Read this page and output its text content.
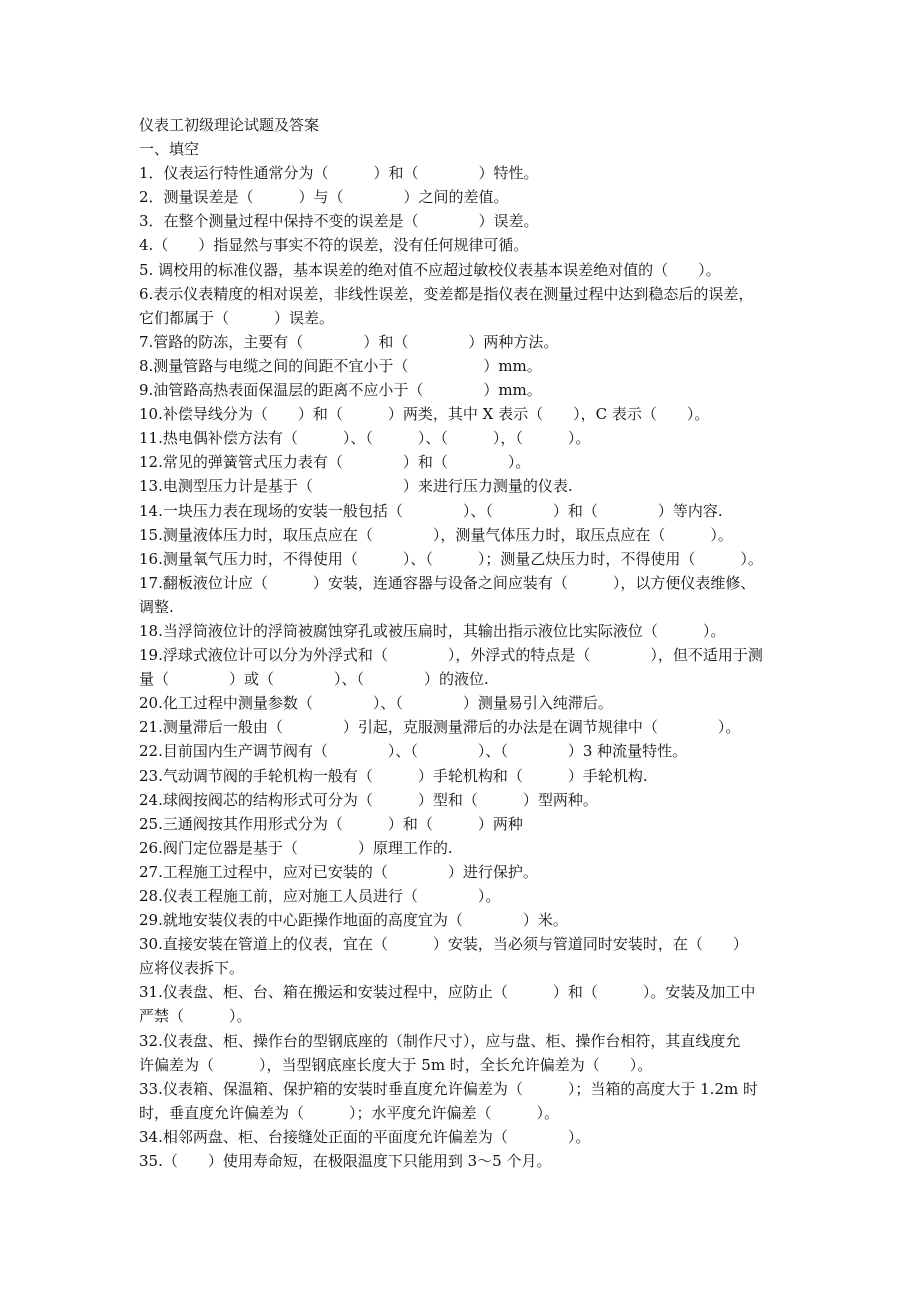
仪表工初级理论试题及答案
一、填空
1．仪表运行特性通常分为（　　　）和（　　　　）特性。
2．测量误差是（　　　）与（　　　　）之间的差值。
3．在整个测量过程中保持不变的误差是（　　　　）误差。
4.（　　）指显然与事实不符的误差，没有任何规律可循。
5. 调校用的标准仪器，基本误差的绝对值不应超过敏校仪表基本误差绝对值的（　　）。
6.表示仪表精度的相对误差，非线性误差，变差都是指仪表在测量过程中达到稳态后的误差，
它们都属于（　　　）误差。
7.管路的防冻，主要有（　　　　）和（　　　　）两种方法。
8.测量管路与电缆之间的间距不宜小于（　　　　　）mm。
9.油管路高热表面保温层的距离不应小于（　　　　）mm。
10.补偿导线分为（　　）和（　　　）两类，其中 X 表示（　　），C 表示（　　）。
11.热电偶补偿方法有（　　　）、（　　　）、（　　　），（　　　）。
12.常见的弹簧管式压力表有（　　　　）和（　　　　）。
13.电测型压力计是基于（　　　　　　）来进行压力测量的仪表.
14.一块压力表在现场的安装一般包括（　　　　）、（　　　　）和（　　　　）等内容.
15.测量液体压力时，取压点应在（　　　　），测量气体压力时，取压点应在（　　　）。
16.测量氧气压力时，不得使用（　　　）、（　　　）；测量乙炔压力时，不得使用（　　　）。
17.翻板液位计应（　　　）安装，连通容器与设备之间应装有（　　　），以方便仪表维修、
调整.
18.当浮筒液位计的浮筒被腐蚀穿孔或被压扁时，其输出指示液位比实际液位（　　　）。
19.浮球式液位计可以分为外浮式和（　　　　），外浮式的特点是（　　　　），但不适用于测
量（　　　　）或（　　　　）、（　　　　）的液位.
20.化工过程中测量参数（　　　　）、（　　　　）测量易引入纯滞后。
21.测量滞后一般由（　　　　）引起，克服测量滞后的办法是在调节规律中（　　　　）。
22.目前国内生产调节阀有（　　　　）、（　　　　）、（　　　　）3 种流量特性。
23.气动调节阀的手轮机构一般有（　　　）手轮机构和（　　　）手轮机构.
24.球阀按阀芯的结构形式可分为（　　　）型和（　　　）型两种。
25.三通阀按其作用形式分为（　　　）和（　　　）两种
26.阀门定位器是基于（　　　　）原理工作的.
27.工程施工过程中，应对已安装的（　　　　）进行保护。
28.仪表工程施工前，应对施工人员进行（　　　　）。
29.就地安装仪表的中心距操作地面的高度宜为（　　　　）米。
30.直接安装在管道上的仪表，宜在（　　　）安装，当必须与管道同时安装时，在（　　）
应将仪表拆下。
31.仪表盘、柜、台、箱在搬运和安装过程中，应防止（　　　）和（　　　）。安装及加工中
严禁（　　　）。
32.仪表盘、柜、操作台的型钢底座的（制作尺寸），应与盘、柜、操作台相符，其直线度允
许偏差为（　　　），当型钢底座长度大于 5m 时，全长允许偏差为（　　）。
33.仪表箱、保温箱、保护箱的安装时垂直度允许偏差为（　　　）；当箱的高度大于 1.2m 时
时，垂直度允许偏差为（　　　）；水平度允许偏差（　　　）。
34.相邻两盘、柜、台接缝处正面的平面度允许偏差为（　　　　）。
35.（　　）使用寿命短，在极限温度下只能用到 3～5 个月。
